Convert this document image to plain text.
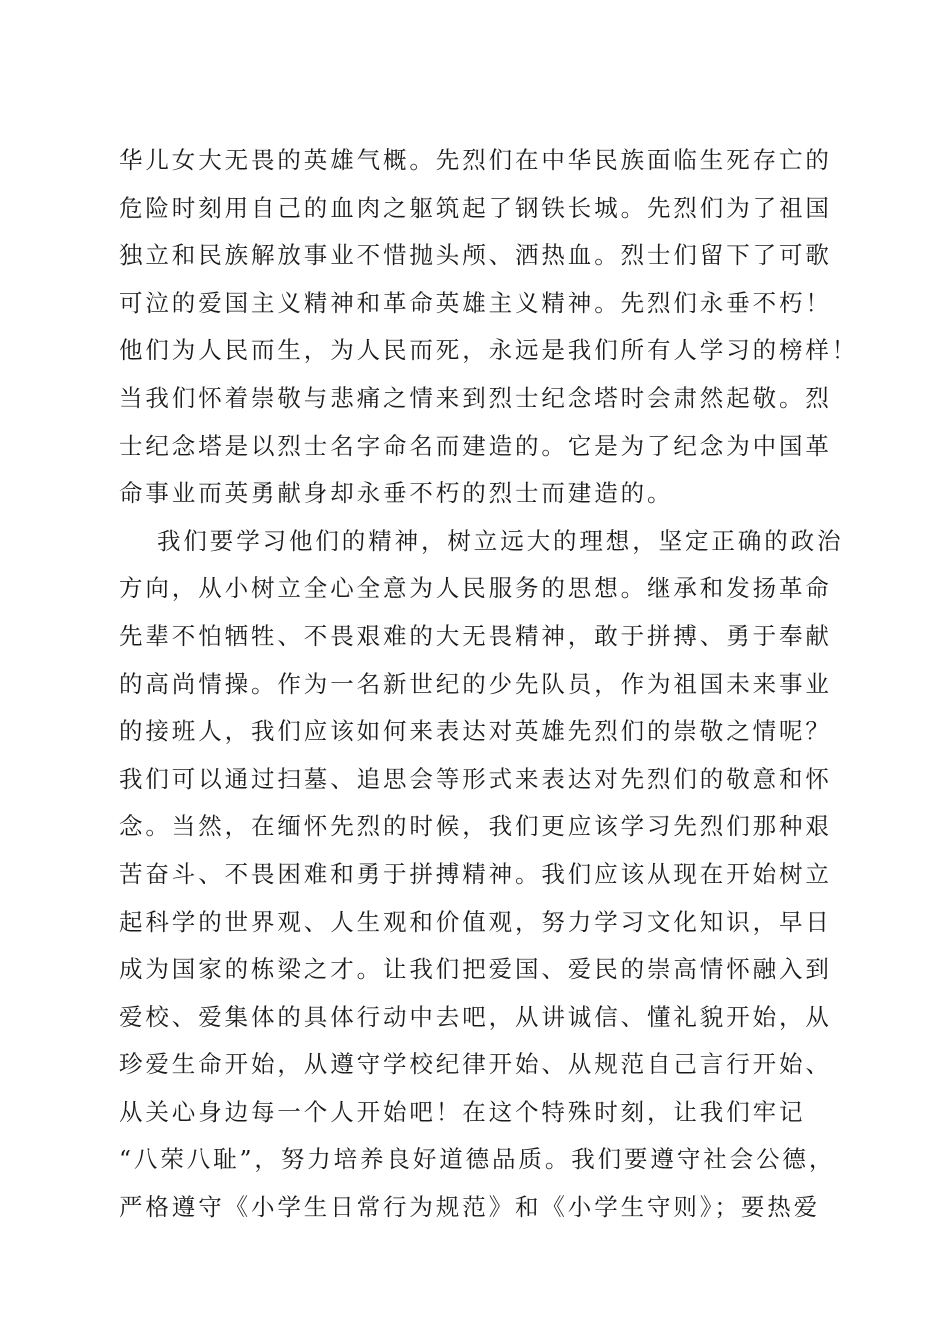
华儿女大无畏的英雄气概。先烈们在中华民族面临生死存亡的
危险时刻用自己的血肉之躯筑起了钢铁长城。先烈们为了祖国
独立和民族解放事业不惜抛头颅、洒热血。烈士们留下了可歌
可泣的爱国主义精神和革命英雄主义精神。先烈们永垂不朽！
他们为人民而生，为人民而死，永远是我们所有人学习的榜样！
当我们怀着崇敬与悲痛之情来到烈士纪念塔时会肃然起敬。烈
士纪念塔是以烈士名字命名而建造的。它是为了纪念为中国革
命事业而英勇献身却永垂不朽的烈士而建造的。
我们要学习他们的精神，树立远大的理想，坚定正确的政治
方向，从小树立全心全意为人民服务的思想。继承和发扬革命
先辈不怕牺牲、不畏艰难的大无畏精神，敢于拼搏、勇于奉献
的高尚情操。作为一名新世纪的少先队员，作为祖国未来事业
的接班人，我们应该如何来表达对英雄先烈们的崇敬之情呢？
我们可以通过扫墓、追思会等形式来表达对先烈们的敬意和怀
念。当然，在缅怀先烈的时候，我们更应该学习先烈们那种艰
苦奋斗、不畏困难和勇于拼搏精神。我们应该从现在开始树立
起科学的世界观、人生观和价值观，努力学习文化知识，早日
成为国家的栋梁之才。让我们把爱国、爱民的崇高情怀融入到
爱校、爱集体的具体行动中去吧，从讲诚信、懂礼貌开始，从
珍爱生命开始，从遵守学校纪律开始、从规范自己言行开始、
从关心身边每一个人开始吧！在这个特殊时刻，让我们牢记
“八荣八耻”，努力培养良好道德品质。我们要遵守社会公德，
严格遵守《小学生日常行为规范》和《小学生守则》；要热爱
